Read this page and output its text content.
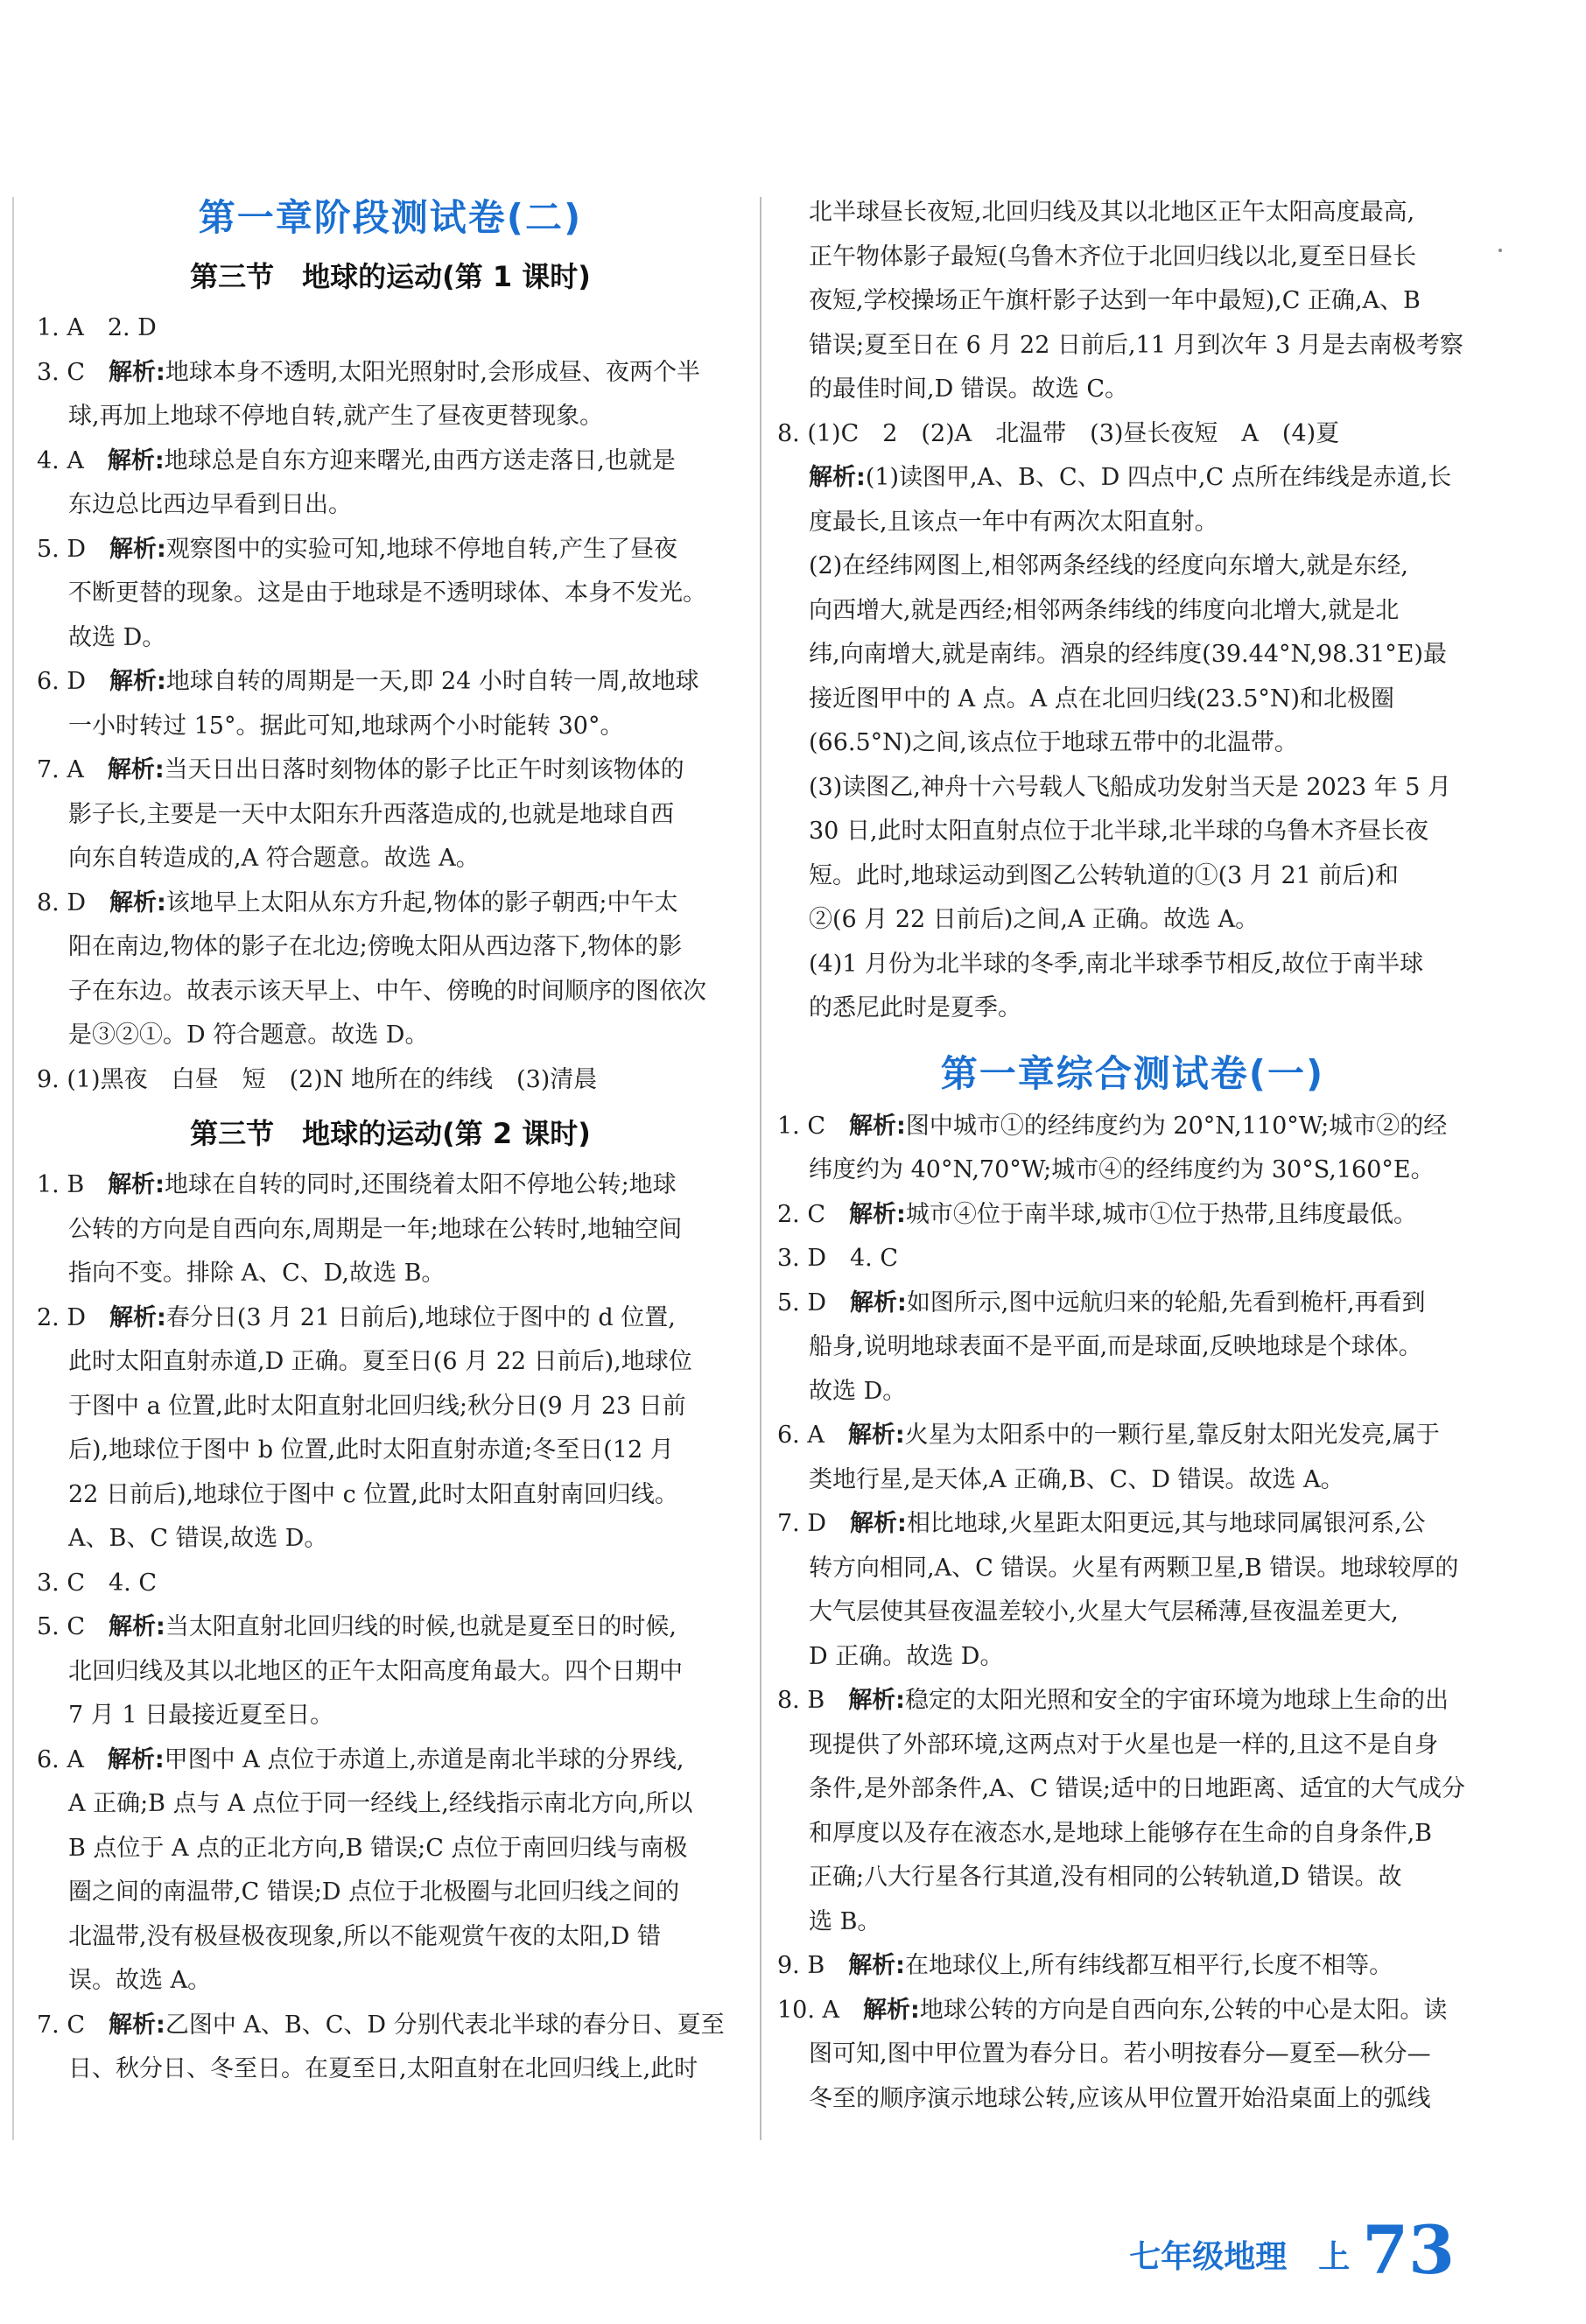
第一章阶段测试卷(二)
第三节　地球的运动(第 1 课时)

1. A　2. D

3. C　解析:地球本身不透明,太阳光照射时,会形成昼、夜两个半

球,再加上地球不停地自转,就产生了昼夜更替现象。

4. A　解析:地球总是自东方迎来曙光,由西方送走落日,也就是

东边总比西边早看到日出。

5. D　解析:观察图中的实验可知,地球不停地自转,产生了昼夜

不断更替的现象。这是由于地球是不透明球体、本身不发光。

故选 D。

6. D　解析:地球自转的周期是一天,即 24 小时自转一周,故地球

一小时转过 15°。据此可知,地球两个小时能转 30°。

7. A　解析:当天日出日落时刻物体的影子比正午时刻该物体的

影子长,主要是一天中太阳东升西落造成的,也就是地球自西

向东自转造成的,A 符合题意。故选 A。

8. D　解析:该地早上太阳从东方升起,物体的影子朝西;中午太

阳在南边,物体的影子在北边;傍晚太阳从西边落下,物体的影

子在东边。故表示该天早上、中午、傍晚的时间顺序的图依次

是③②①。D 符合题意。故选 D。

9. (1)黑夜　白昼　短　(2)N 地所在的纬线　(3)清晨

第三节　地球的运动(第 2 课时)

1. B　解析:地球在自转的同时,还围绕着太阳不停地公转;地球

公转的方向是自西向东,周期是一年;地球在公转时,地轴空间

指向不变。排除 A、C、D,故选 B。

2. D　解析:春分日(3 月 21 日前后),地球位于图中的 d 位置,

此时太阳直射赤道,D 正确。夏至日(6 月 22 日前后),地球位

于图中 a 位置,此时太阳直射北回归线;秋分日(9 月 23 日前

后),地球位于图中 b 位置,此时太阳直射赤道;冬至日(12 月

22 日前后),地球位于图中 c 位置,此时太阳直射南回归线。

A、B、C 错误,故选 D。

3. C　4. C

5. C　解析:当太阳直射北回归线的时候,也就是夏至日的时候,

北回归线及其以北地区的正午太阳高度角最大。四个日期中

7 月 1 日最接近夏至日。

6. A　解析:甲图中 A 点位于赤道上,赤道是南北半球的分界线,

A 正确;B 点与 A 点位于同一经线上,经线指示南北方向,所以

B 点位于 A 点的正北方向,B 错误;C 点位于南回归线与南极

圈之间的南温带,C 错误;D 点位于北极圈与北回归线之间的

北温带,没有极昼极夜现象,所以不能观赏午夜的太阳,D 错

误。故选 A。

7. C　解析:乙图中 A、B、C、D 分别代表北半球的春分日、夏至

日、秋分日、冬至日。在夏至日,太阳直射在北回归线上,此时

北半球昼长夜短,北回归线及其以北地区正午太阳高度最高,

正午物体影子最短(乌鲁木齐位于北回归线以北,夏至日昼长

夜短,学校操场正午旗杆影子达到一年中最短),C 正确,A、B

错误;夏至日在 6 月 22 日前后,11 月到次年 3 月是去南极考察

的最佳时间,D 错误。故选 C。

8. (1)C　2　(2)A　北温带　(3)昼长夜短　A　(4)夏

解析:(1)读图甲,A、B、C、D 四点中,C 点所在纬线是赤道,长

度最长,且该点一年中有两次太阳直射。

(2)在经纬网图上,相邻两条经线的经度向东增大,就是东经,

向西增大,就是西经;相邻两条纬线的纬度向北增大,就是北

纬,向南增大,就是南纬。酒泉的经纬度(39.44°N,98.31°E)最

接近图甲中的 A 点。A 点在北回归线(23.5°N)和北极圈

(66.5°N)之间,该点位于地球五带中的北温带。

(3)读图乙,神舟十六号载人飞船成功发射当天是 2023 年 5 月

30 日,此时太阳直射点位于北半球,北半球的乌鲁木齐昼长夜

短。此时,地球运动到图乙公转轨道的①(3 月 21 前后)和

②(6 月 22 日前后)之间,A 正确。故选 A。

(4)1 月份为北半球的冬季,南北半球季节相反,故位于南半球

的悉尼此时是夏季。

第一章综合测试卷(一)

1. C　解析:图中城市①的经纬度约为 20°N,110°W;城市②的经

纬度约为 40°N,70°W;城市④的经纬度约为 30°S,160°E。

2. C　解析:城市④位于南半球,城市①位于热带,且纬度最低。

3. D　4. C

5. D　解析:如图所示,图中远航归来的轮船,先看到桅杆,再看到

船身,说明地球表面不是平面,而是球面,反映地球是个球体。

故选 D。

6. A　解析:火星为太阳系中的一颗行星,靠反射太阳光发亮,属于

类地行星,是天体,A 正确,B、C、D 错误。故选 A。

7. D　解析:相比地球,火星距太阳更远,其与地球同属银河系,公

转方向相同,A、C 错误。火星有两颗卫星,B 错误。地球较厚的

大气层使其昼夜温差较小,火星大气层稀薄,昼夜温差更大,

D 正确。故选 D。

8. B　解析:稳定的太阳光照和安全的宇宙环境为地球上生命的出

现提供了外部环境,这两点对于火星也是一样的,且这不是自身

条件,是外部条件,A、C 错误;适中的日地距离、适宜的大气成分

和厚度以及存在液态水,是地球上能够存在生命的自身条件,B

正确;八大行星各行其道,没有相同的公转轨道,D 错误。故

选 B。

9. B　解析:在地球仪上,所有纬线都互相平行,长度不相等。

10. A　解析:地球公转的方向是自西向东,公转的中心是太阳。读

图可知,图中甲位置为春分日。若小明按春分—夏至—秋分—

冬至的顺序演示地球公转,应该从甲位置开始沿桌面上的弧线

七年级地理　上 73
